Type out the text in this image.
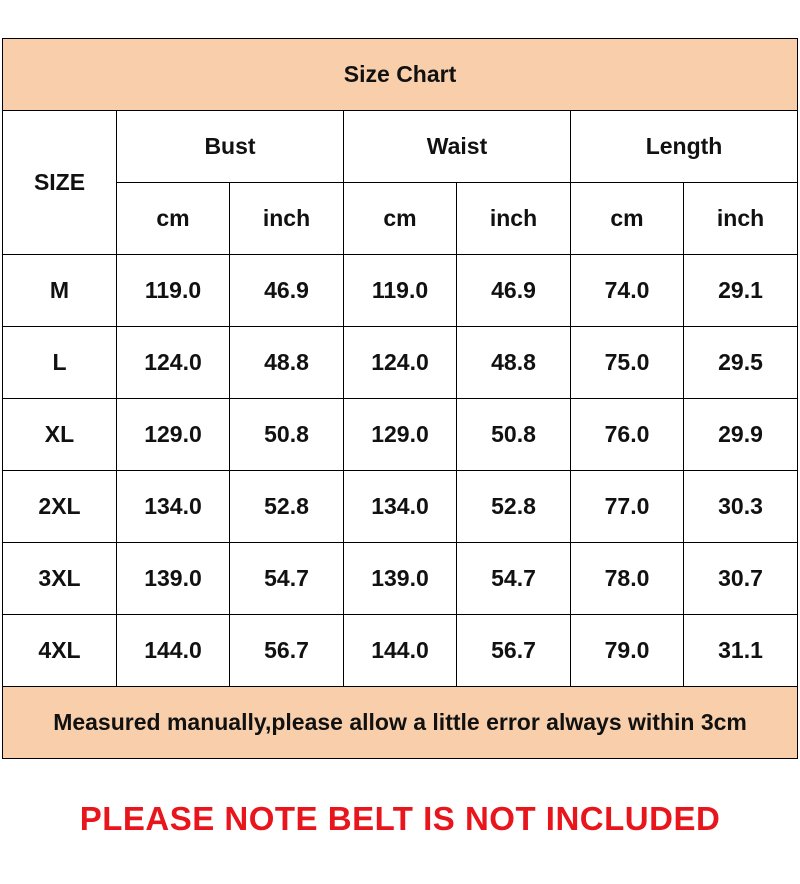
Size Chart						
SIZE	Bust		Waist		Length	
	cm	inch	cm	inch	cm	inch
M	119.0	46.9	119.0	46.9	74.0	29.1
L	124.0	48.8	124.0	48.8	75.0	29.5
XL	129.0	50.8	129.0	50.8	76.0	29.9
2XL	134.0	52.8	134.0	52.8	77.0	30.3
3XL	139.0	54.7	139.0	54.7	78.0	30.7
4XL	144.0	56.7	144.0	56.7	79.0	31.1
Measured manually,please allow a little error always within 3cm						
PLEASE NOTE BELT IS NOT INCLUDED
